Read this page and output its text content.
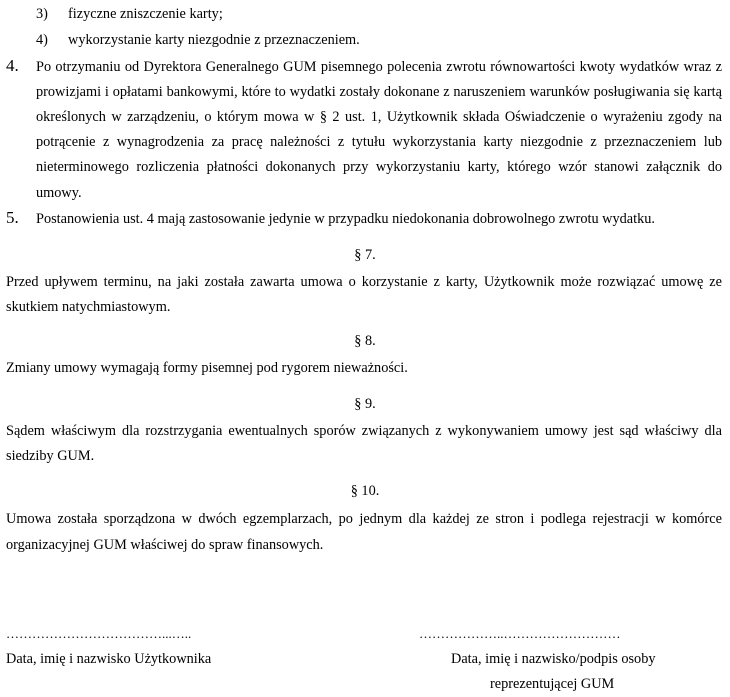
3) fizyczne zniszczenie karty;
4) wykorzystanie karty niezgodnie z przeznaczeniem.
4. Po otrzymaniu od Dyrektora Generalnego GUM pisemnego polecenia zwrotu równowartości kwoty wydatków wraz z
prowizjami i opłatami bankowymi, które to wydatki zostały dokonane z naruszeniem warunków posługiwania się kartą
określonych w zarządzeniu, o którym mowa w § 2 ust. 1, Użytkownik składa Oświadczenie o wyrażeniu zgody na
potrącenie z wynagrodzenia za pracę należności z tytułu wykorzystania karty niezgodnie z przeznaczeniem lub
nieterminowego rozliczenia płatności dokonanych przy wykorzystaniu karty, którego wzór stanowi załącznik do
umowy.
5. Postanowienia ust. 4 mają zastosowanie jedynie w przypadku niedokonania dobrowolnego zwrotu wydatku.
§ 7.
Przed upływem terminu, na jaki została zawarta umowa o korzystanie z karty, Użytkownik może rozwiązać umowę ze
skutkiem natychmiastowym.
§ 8.
Zmiany umowy wymagają formy pisemnej pod rygorem nieważności.
§ 9.
Sądem właściwym dla rozstrzygania ewentualnych sporów związanych z wykonywaniem umowy jest sąd właściwy dla
siedziby GUM.
§ 10.
Umowa została sporządzona w dwóch egzemplarzach, po jednym dla każdej ze stron i podlega rejestracji w komórce
organizacyjnej GUM właściwej do spraw finansowych.
………………………………...…..	………………..………………………
Data, imię i nazwisko Użytkownika	Data, imię i nazwisko/podpis osoby
reprezentującej GUM
